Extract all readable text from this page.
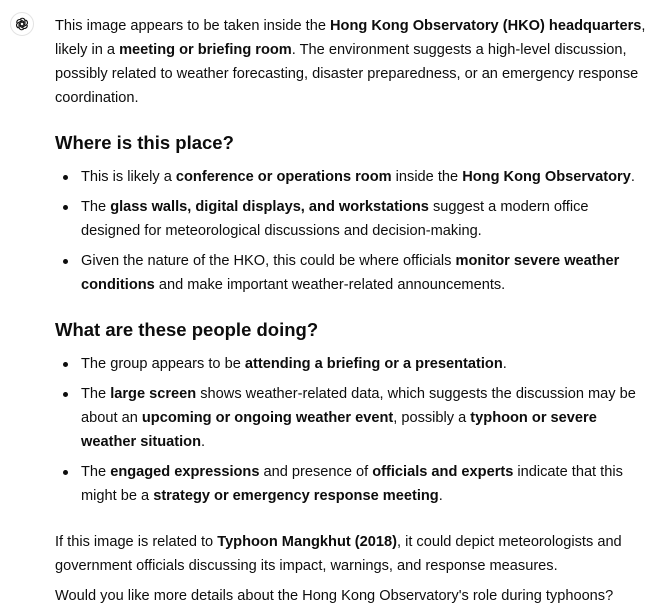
This image appears to be taken inside the Hong Kong Observatory (HKO) headquarters, likely in a meeting or briefing room. The environment suggests a high-level discussion, possibly related to weather forecasting, disaster preparedness, or an emergency response coordination.

Where is this place?
This is likely a conference or operations room inside the Hong Kong Observatory.
The glass walls, digital displays, and workstations suggest a modern office designed for meteorological discussions and decision-making.
Given the nature of the HKO, this could be where officials monitor severe weather conditions and make important weather-related announcements.
What are these people doing?
The group appears to be attending a briefing or a presentation.
The large screen shows weather-related data, which suggests the discussion may be about an upcoming or ongoing weather event, possibly a typhoon or severe weather situation.
The engaged expressions and presence of officials and experts indicate that this might be a strategy or emergency response meeting.

If this image is related to Typhoon Mangkhut (2018), it could depict meteorologists and government officials discussing its impact, warnings, and response measures.

Would you like more details about the Hong Kong Observatory's role during typhoons?
